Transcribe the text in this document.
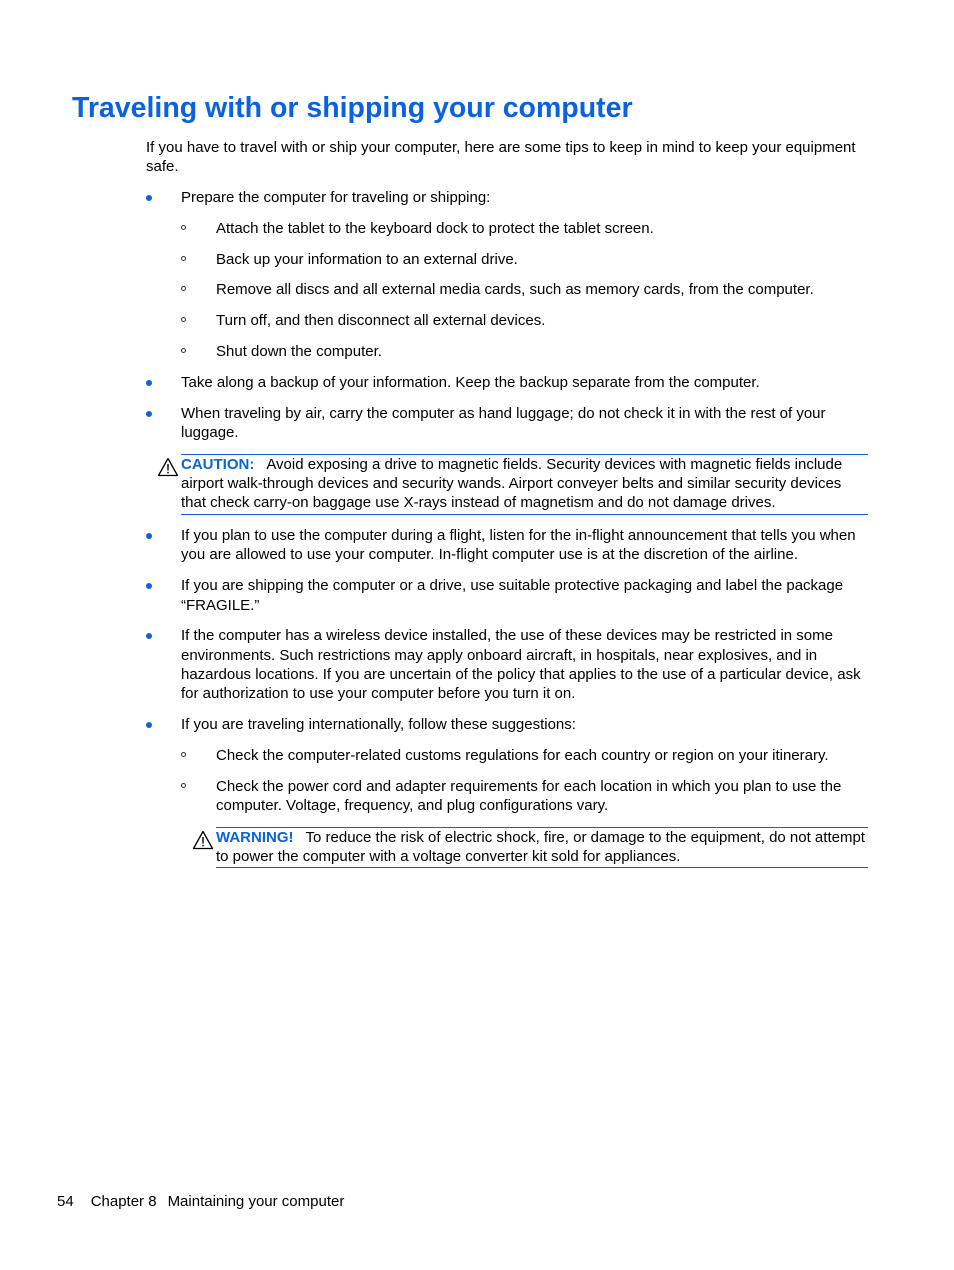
Traveling with or shipping your computer

If you have to travel with or ship your computer, here are some tips to keep in mind to keep your equipment safe.

Prepare the computer for traveling or shipping:
Attach the tablet to the keyboard dock to protect the tablet screen.
Back up your information to an external drive.
Remove all discs and all external media cards, such as memory cards, from the computer.
Turn off, and then disconnect all external devices.
Shut down the computer.
Take along a backup of your information. Keep the backup separate from the computer.
When traveling by air, carry the computer as hand luggage; do not check it in with the rest of your luggage.
CAUTION: Avoid exposing a drive to magnetic fields. Security devices with magnetic fields include airport walk-through devices and security wands. Airport conveyer belts and similar security devices that check carry-on baggage use X-rays instead of magnetism and do not damage drives.
If you plan to use the computer during a flight, listen for the in-flight announcement that tells you when you are allowed to use your computer. In-flight computer use is at the discretion of the airline.
If you are shipping the computer or a drive, use suitable protective packaging and label the package “FRAGILE.”
If the computer has a wireless device installed, the use of these devices may be restricted in some environments. Such restrictions may apply onboard aircraft, in hospitals, near explosives, and in hazardous locations. If you are uncertain of the policy that applies to the use of a particular device, ask for authorization to use your computer before you turn it on.
If you are traveling internationally, follow these suggestions:
Check the computer-related customs regulations for each country or region on your itinerary.
Check the power cord and adapter requirements for each location in which you plan to use the computer. Voltage, frequency, and plug configurations vary.
WARNING! To reduce the risk of electric shock, fire, or damage to the equipment, do not attempt to power the computer with a voltage converter kit sold for appliances.
54 Chapter 8 Maintaining your computer
